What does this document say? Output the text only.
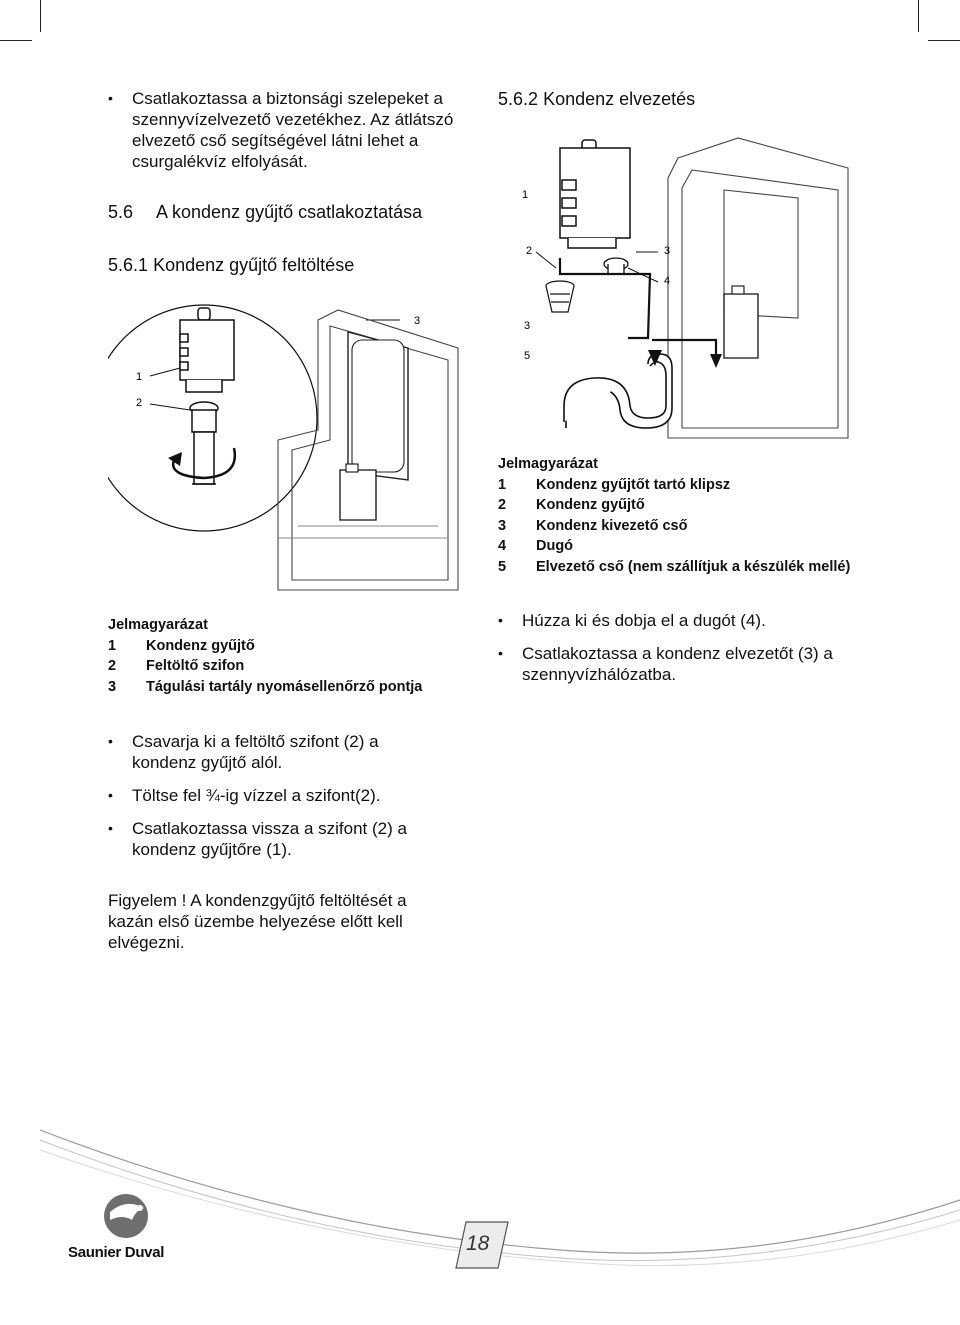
• Csatlakoztassa a biztonsági szelepeket a szennyvízelvezető vezetékhez. Az átlátszó elvezető cső segítségével látni lehet a csurgalékvíz elfolyását.
5.6 A kondenz gyűjtő csatlakoztatása
5.6.1 Kondenz gyűjtő feltöltése
1
2
3
Jelmagyarázat
1	Kondenz gyűjtő
2	Feltöltő szifon
3	Tágulási tartály nyomásellenőrző pontja
• Csavarja ki a feltöltő szifont (2) a kondenz gyűjtő alól.
• Töltse fel ¾-ig vízzel a szifont(2).
• Csatlakoztassa vissza a szifont (2) a kondenz gyűjtőre (1).
Figyelem ! A kondenzgyűjtő feltöltését a kazán első üzembe helyezése előtt kell elvégezni.
5.6.2 Kondenz elvezetés
1
2	3
4
3
5
Jelmagyarázat
1	Kondenz gyűjtőt tartó klipsz
2	Kondenz gyűjtő
3	Kondenz kivezető cső
4	Dugó
5	Elvezető cső (nem szállítjuk a készülék mellé)
• Húzza ki és dobja el a dugót (4).
• Csatlakoztassa a kondenz elvezetőt (3) a szennyvízhálózatba.
Saunier Duval	18
